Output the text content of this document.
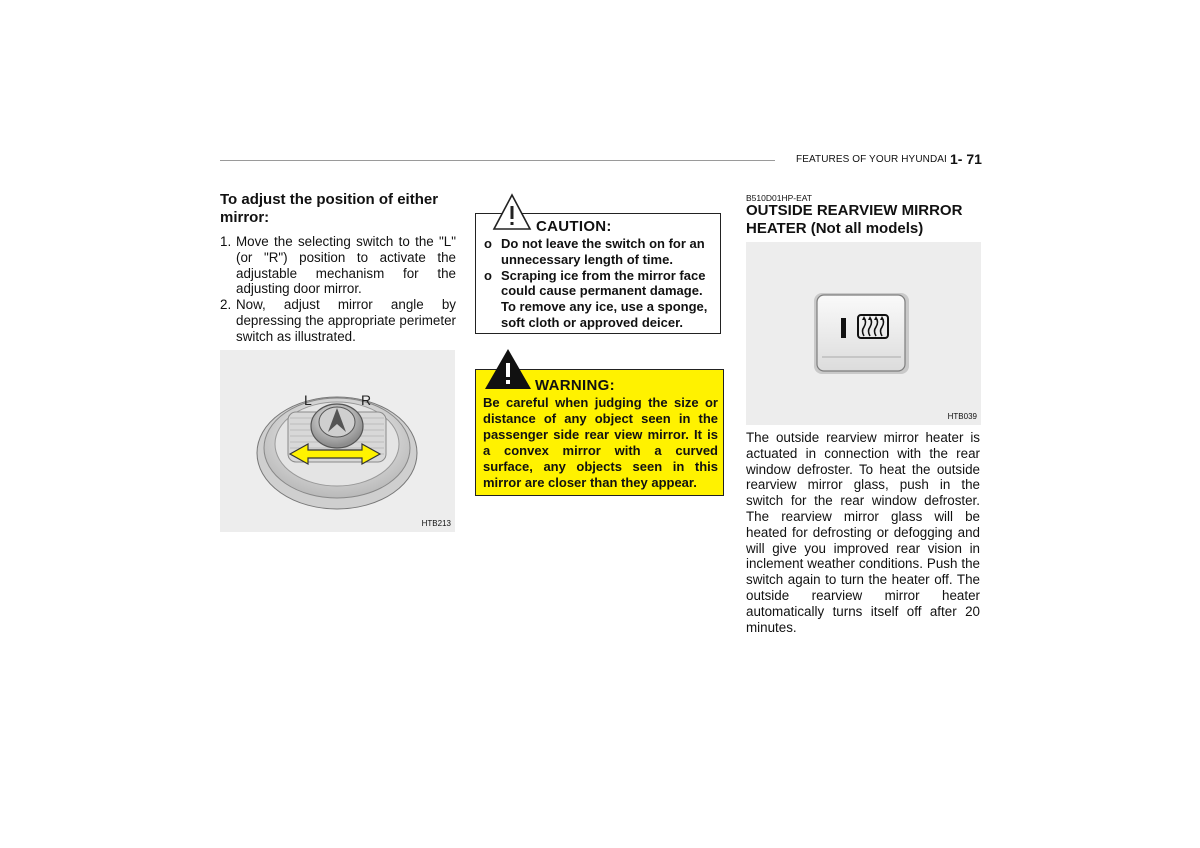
FEATURES OF YOUR HYUNDAI 1- 71
To adjust the position of either mirror:
1. Move the selecting switch to the "L" (or "R") position to activate the adjustable mechanism for the adjusting door mirror.
2. Now, adjust mirror angle by depressing the appropriate perimeter switch as illustrated.
L	R
HTB213
CAUTION:
o Do not leave the switch on for an unnecessary length of time.
o Scraping ice from the mirror face could cause permanent damage. To remove any ice, use a sponge, soft cloth or approved deicer.
WARNING:
Be careful when judging the size or distance of any object seen in the passenger side rear view mirror. It is a convex mirror with a curved surface, any objects seen in this mirror are closer than they appear.
B510D01HP-EAT
OUTSIDE REARVIEW MIRROR HEATER (Not all models)
HTB039
The outside rearview mirror heater is actuated in connection with the rear window defroster. To heat the outside rearview mirror glass, push in the switch for the rear window defroster. The rearview mirror glass will be heated for defrosting or defogging and will give you improved rear vision in inclement weather conditions. Push the switch again to turn the heater off. The outside rearview mirror heater automatically turns itself off after 20 minutes.
